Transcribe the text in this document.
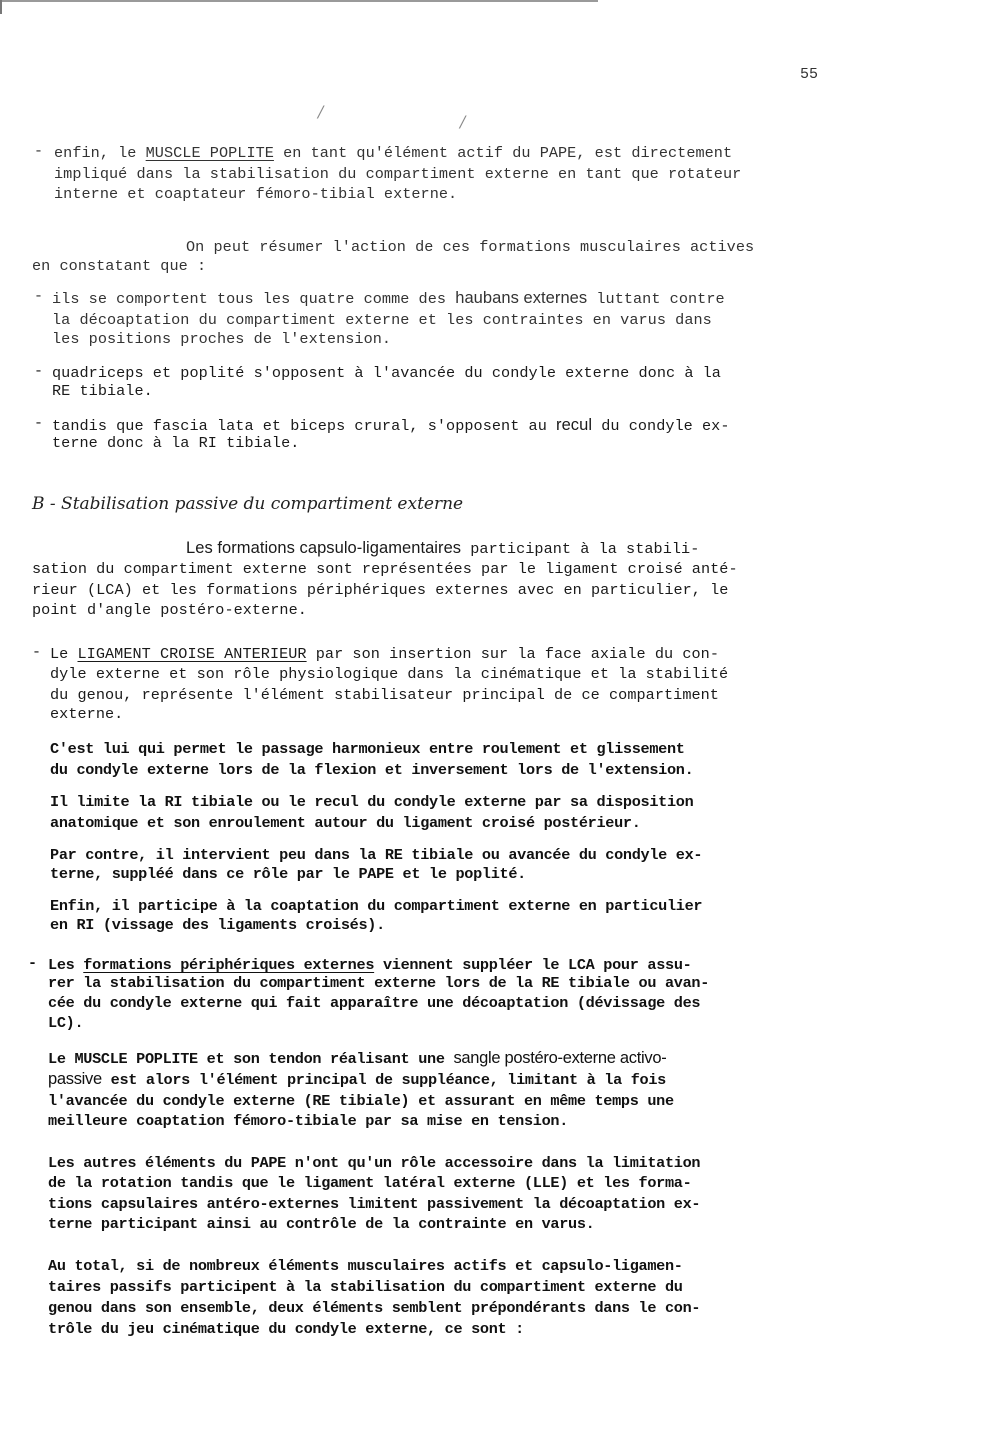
55
/
/
- enfin, le MUSCLE POPLITE en tant qu'élément actif du PAPE, est directement
impliqué dans la stabilisation du compartiment externe en tant que rotateur
interne et coaptateur fémoro-tibial externe.
On peut résumer l'action de ces formations musculaires actives
en constatant que :
- ils se comportent tous les quatre comme des haubans externes luttant contre
la décoaptation du compartiment externe et les contraintes en varus dans
les positions proches de l'extension.
- quadriceps et poplité s'opposent à l'avancée du condyle externe donc à la
RE tibiale.
- tandis que fascia lata et biceps crural, s'opposent au recul du condyle ex-
terne donc à la RI tibiale.
B - Stabilisation passive du compartiment externe
Les formations capsulo-ligamentaires participant à la stabili-
sation du compartiment externe sont représentées par le ligament croisé anté-
rieur (LCA) et les formations périphériques externes avec en particulier, le
point d'angle postéro-externe.
- Le LIGAMENT CROISE ANTERIEUR par son insertion sur la face axiale du con-
dyle externe et son rôle physiologique dans la cinématique et la stabilité
du genou, représente l'élément stabilisateur principal de ce compartiment
externe.
C'est lui qui permet le passage harmonieux entre roulement et glissement
du condyle externe lors de la flexion et inversement lors de l'extension.
Il limite la RI tibiale ou le recul du condyle externe par sa disposition
anatomique et son enroulement autour du ligament croisé postérieur.
Par contre, il intervient peu dans la RE tibiale ou avancée du condyle ex-
terne, suppléé dans ce rôle par le PAPE et le poplité.
Enfin, il participe à la coaptation du compartiment externe en particulier
en RI (vissage des ligaments croisés).
- Les formations périphériques externes viennent suppléer le LCA pour assu-
rer la stabilisation du compartiment externe lors de la RE tibiale ou avan-
cée du condyle externe qui fait apparaître une décoaptation (dévissage des
LC).
Le MUSCLE POPLITE et son tendon réalisant une sangle postéro-externe activo-
passive est alors l'élément principal de suppléance, limitant à la fois
l'avancée du condyle externe (RE tibiale) et assurant en même temps une
meilleure coaptation fémoro-tibiale par sa mise en tension.
Les autres éléments du PAPE n'ont qu'un rôle accessoire dans la limitation
de la rotation tandis que le ligament latéral externe (LLE) et les forma-
tions capsulaires antéro-externes limitent passivement la décoaptation ex-
terne participant ainsi au contrôle de la contrainte en varus.
Au total, si de nombreux éléments musculaires actifs et capsulo-ligamen-
taires passifs participent à la stabilisation du compartiment externe du
genou dans son ensemble, deux éléments semblent prépondérants dans le con-
trôle du jeu cinématique du condyle externe, ce sont :
